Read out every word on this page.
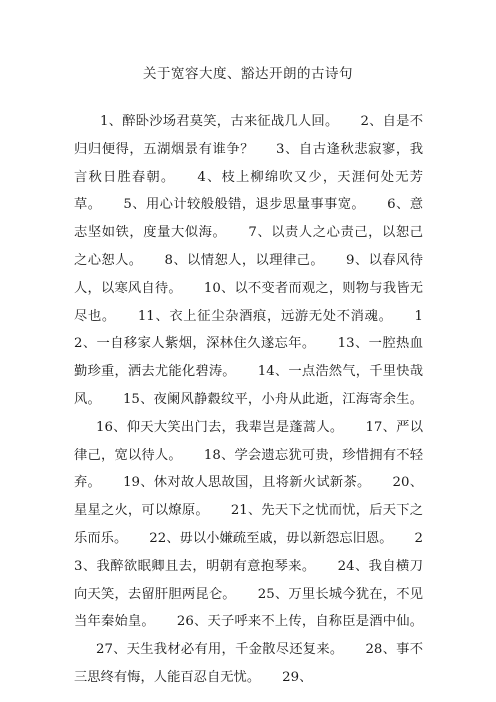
关于宽容大度、豁达开朗的古诗句

1、醉卧沙场君莫笑，古来征战几人回。 2、自是不归归便得，五湖烟景有谁争？ 3、自古逢秋悲寂寥，我言秋日胜春朝。 4、枝上柳绵吹又少，天涯何处无芳草。 5、用心计较般般错，退步思量事事宽。 6、意志坚如铁，度量大似海。 7、以责人之心责己，以恕己之心恕人。 8、以情恕人，以理律己。 9、以春风待人，以寒风自待。 10、以不变者而观之，则物与我皆无尽也。 11、衣上征尘杂酒痕，远游无处不消魂。 12、一自移家人紫烟，深林住久遂忘年。 13、一腔热血勤珍重，洒去尤能化碧涛。 14、一点浩然气，千里快哉风。 15、夜阑风静縠纹平，小舟从此逝，江海寄余生。16、仰天大笑出门去，我辈岂是蓬蒿人。 17、严以律己，宽以待人。 18、学会遗忘犹可贵，珍惜拥有不轻弃。 19、休对故人思故国，且将新火试新茶。 20、星星之火，可以燎原。 21、先天下之忧而忧，后天下之乐而乐。 22、毋以小嫌疏至戚，毋以新怨忘旧恩。 23、我醉欲眠卿且去，明朝有意抱琴来。 24、我自横刀向天笑，去留肝胆两昆仑。 25、万里长城今犹在，不见当年秦始皇。 26、天子呼来不上传，自称臣是酒中仙。27、天生我材必有用，千金散尽还复来。 28、事不三思终有悔，人能百忍自无忧。 29、
